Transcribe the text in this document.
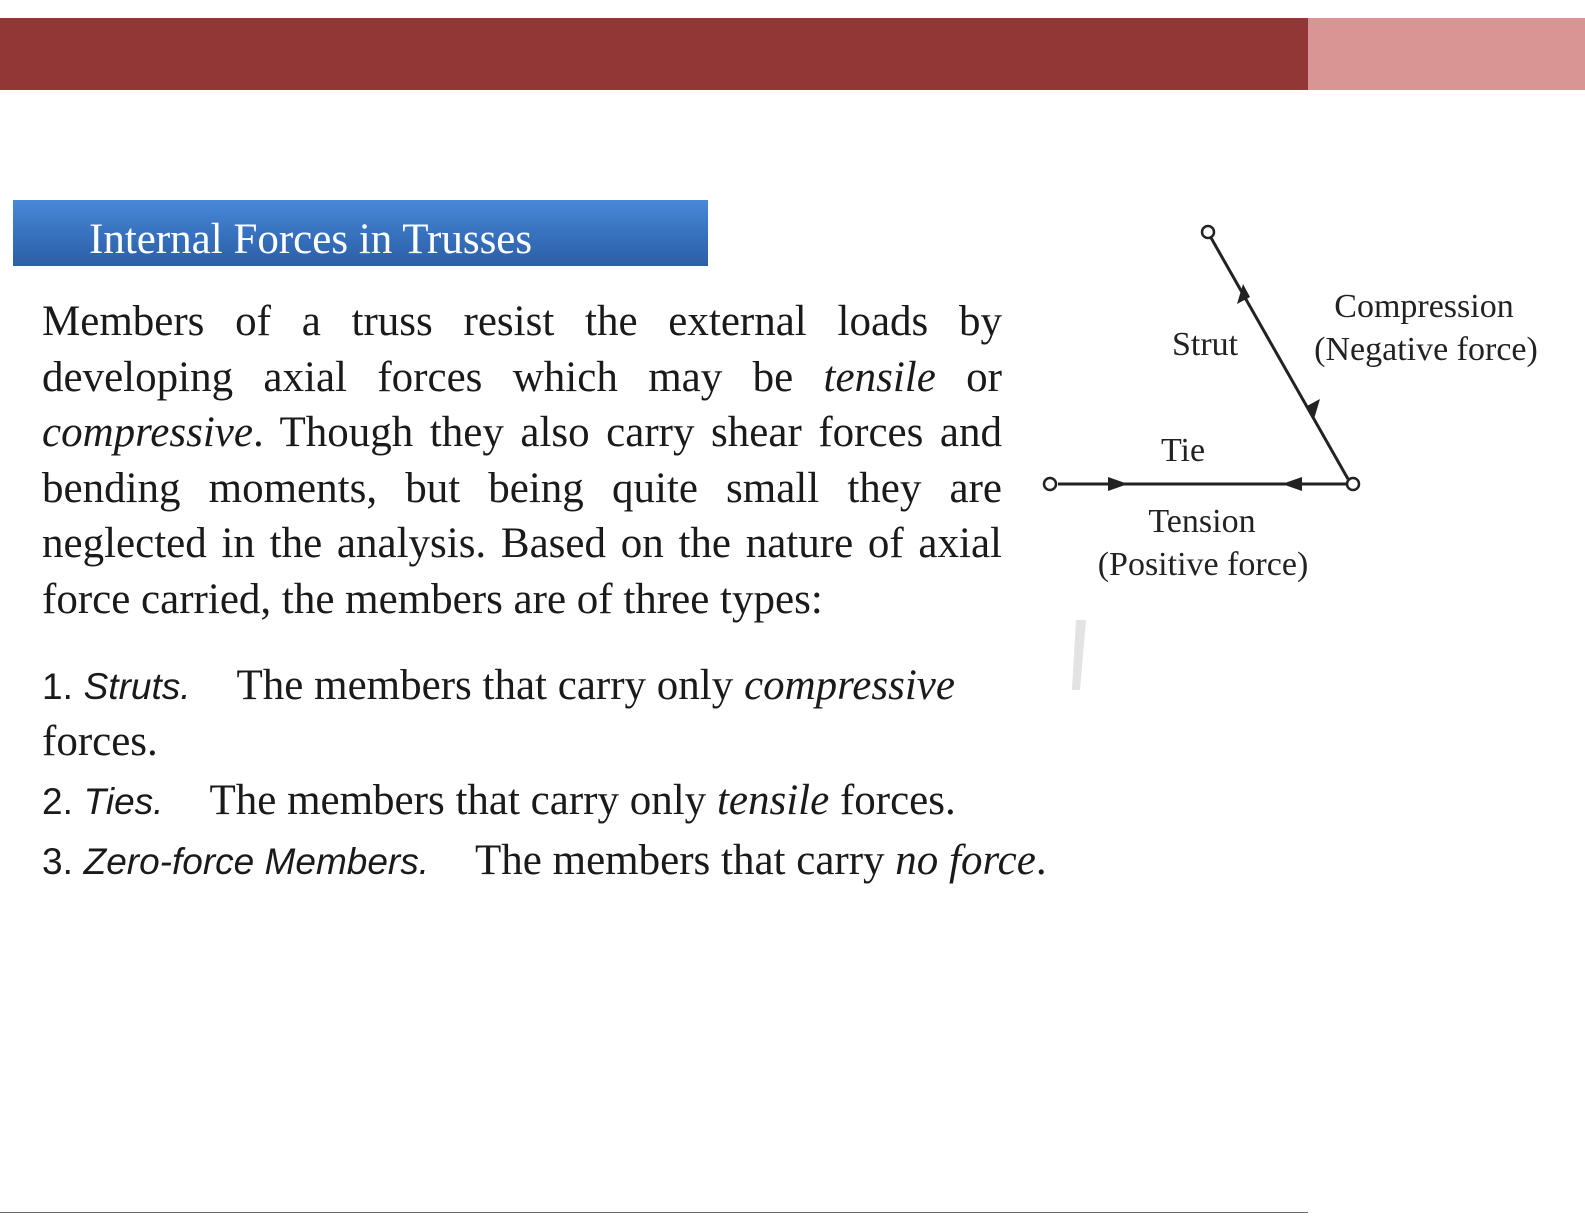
Internal Forces in Trusses
Members of a truss resist the external loads by developing axial forces which may be tensile or compressive. Though they also carry shear forces and bending moments, but being quite small they are neglected in the analysis. Based on the nature of axial force carried, the members are of three types:
1. Struts. The members that carry only compressive forces.
2. Ties. The members that carry only tensile forces.
3. Zero-force Members. The members that carry no force.
Strut
Compression
(Negative force)
Tie
Tension
(Positive force)
